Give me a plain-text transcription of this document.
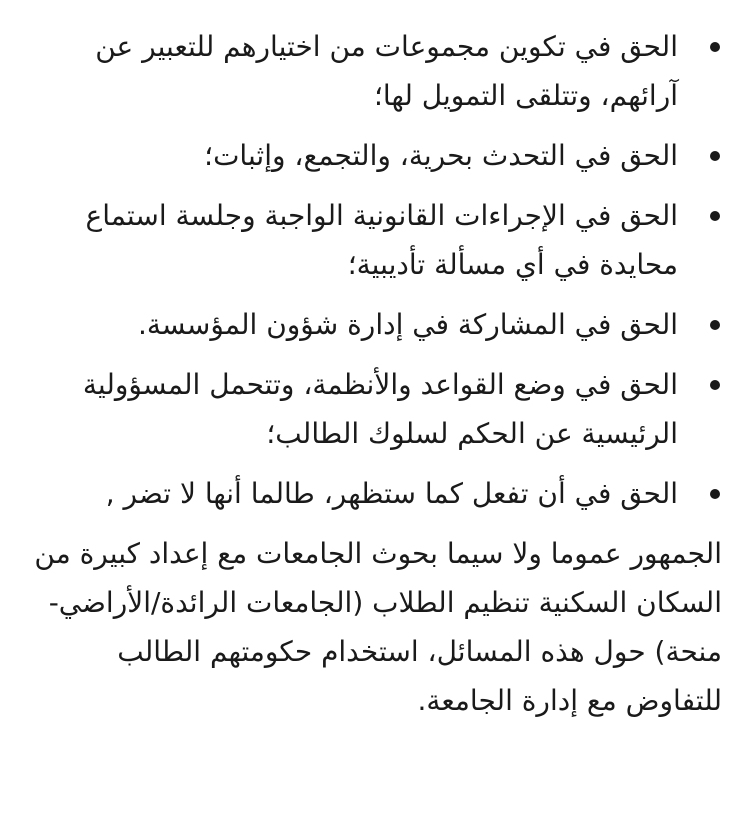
الحق في تكوين مجموعات من اختيارهم للتعبير عن آرائهم، وتتلقى التمويل لها؛
الحق في التحدث بحرية، والتجمع، وإثبات؛
الحق في الإجراءات القانونية الواجبة وجلسة استماع محايدة في أي مسألة تأديبية؛
الحق في المشاركة في إدارة شؤون المؤسسة.
الحق في وضع القواعد والأنظمة، وتتحمل المسؤولية الرئيسية عن الحكم لسلوك الطالب؛
الحق في أن تفعل كما ستظهر، طالما أنها لا تضر ,

الجمهور عموما ولا سيما بحوث الجامعات مع إعداد كبيرة من السكان السكنية تنظيم الطلاب (الجامعات الرائدة/الأراضي-منحة) حول هذه المسائل، استخدام حكومتهم الطالب للتفاوض مع إدارة الجامعة.
